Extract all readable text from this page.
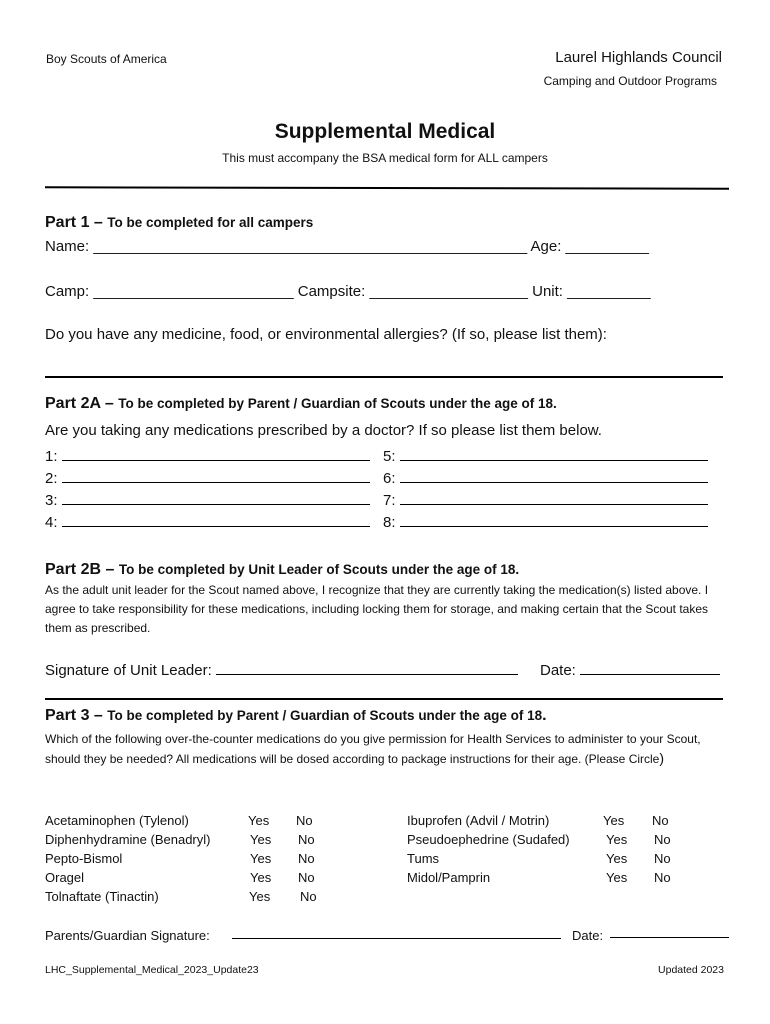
Boy Scouts of America	Laurel Highlands Council
Camping and Outdoor Programs
Supplemental Medical
This must accompany the BSA medical form for ALL campers
Part 1 – To be completed for all campers
Name: ____________________________________________________ Age: __________
Camp: ________________________ Campsite: ___________________ Unit: __________
Do you have any medicine, food, or environmental allergies? (If so, please list them):
Part 2A – To be completed by Parent / Guardian of Scouts under the age of 18.
Are you taking any medications prescribed by a doctor? If so please list them below.
1:
2:
3:
4:
5:
6:
7:
8:
Part 2B – To be completed by Unit Leader of Scouts under the age of 18.
As the adult unit leader for the Scout named above, I recognize that they are currently taking the medication(s) listed above. I agree to take responsibility for these medications, including locking them for storage, and making certain that the Scout takes them as prescribed.
Signature of Unit Leader:	Date:
Part 3 – To be completed by Parent / Guardian of Scouts under the age of 18.
Which of the following over-the-counter medications do you give permission for Health Services to administer to your Scout, should they be needed? All medications will be dosed according to package instructions for their age. (Please Circle)
Acetaminophen (Tylenol)	Yes No
Diphenhydramine (Benadryl)	Yes No
Pepto-Bismol	Yes No
Oragel	Yes No
Tolnaftate (Tinactin)	Yes No
Ibuprofen (Advil / Motrin)	Yes No
Pseudoephedrine (Sudafed)	Yes No
Tums	Yes No
Midol/Pamprin	Yes No
Parents/Guardian Signature:	Date:
LHC_Supplemental_Medical_2023_Update23	Updated 2023
